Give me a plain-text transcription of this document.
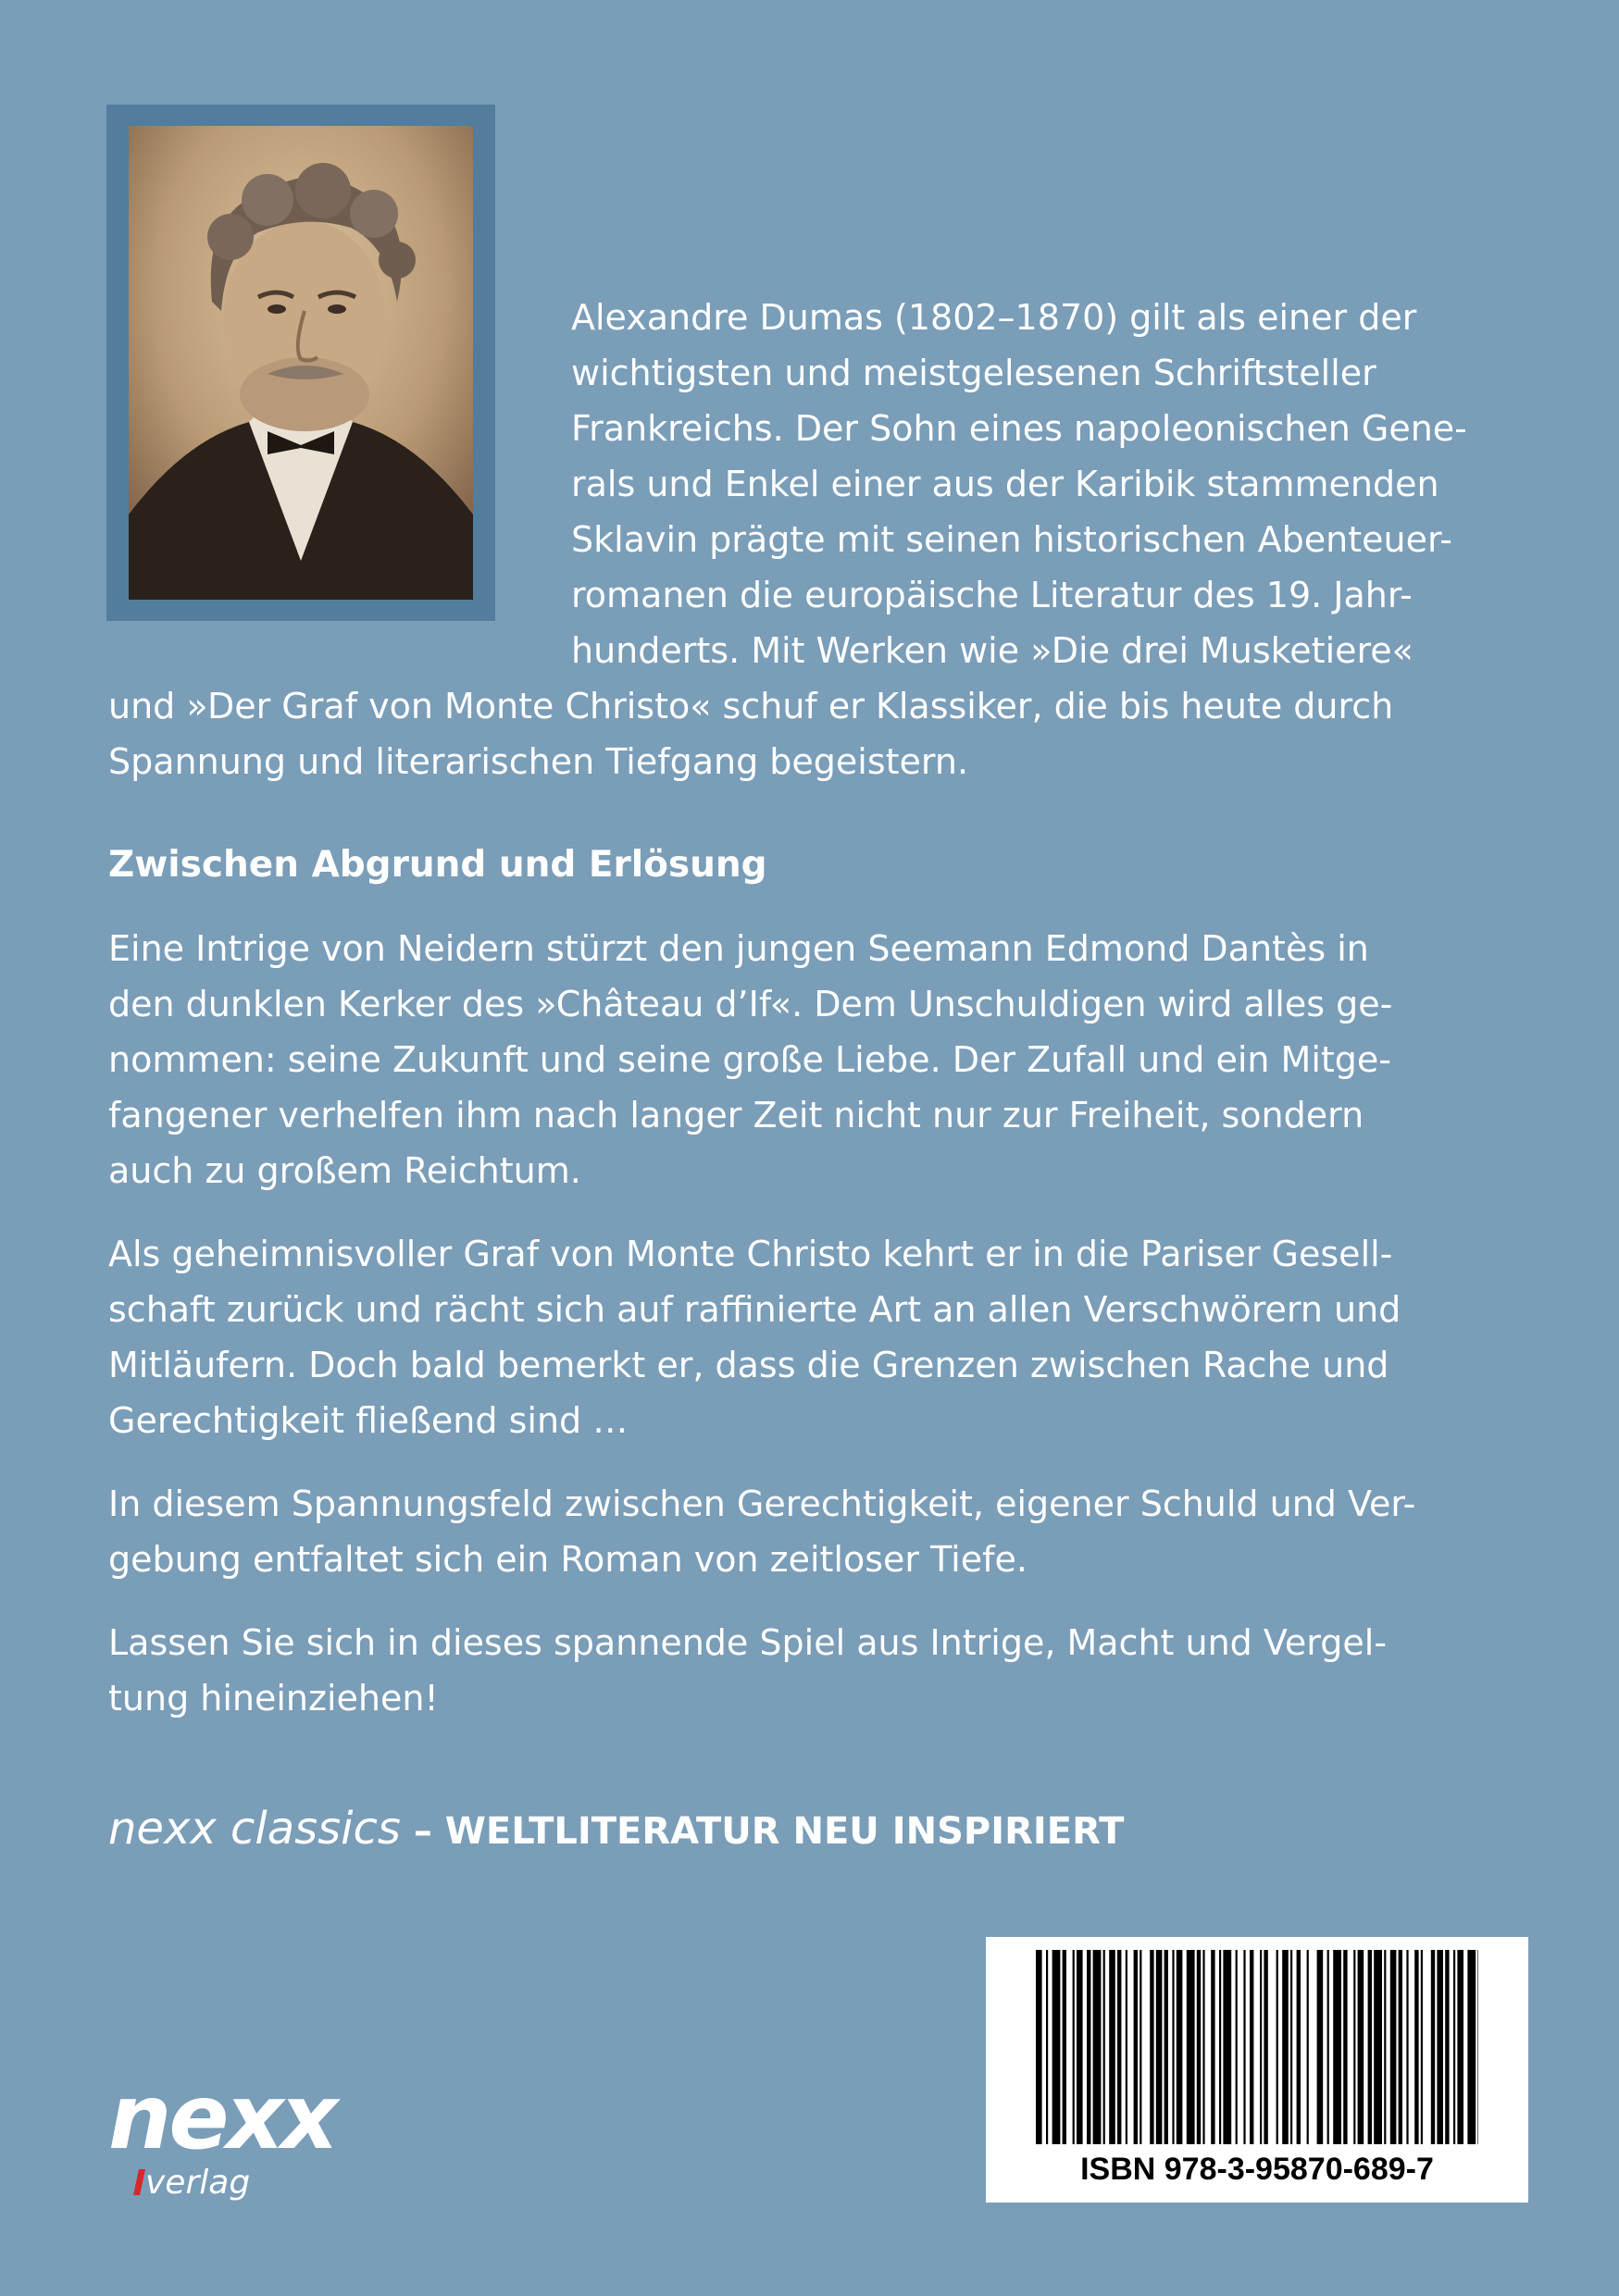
Alexandre Dumas (1802–1870) gilt als einer der
wichtigsten und meistgelesenen Schriftsteller
Frankreichs. Der Sohn eines napoleonischen Gene-
rals und Enkel einer aus der Karibik stammenden
Sklavin prägte mit seinen historischen Abenteuer-
romanen die europäische Literatur des 19. Jahr-
hunderts. Mit Werken wie »Die drei Musketiere«
und »Der Graf von Monte Christo« schuf er Klassiker, die bis heute durch
Spannung und literarischen Tiefgang begeistern.
Zwischen Abgrund und Erlösung
Eine Intrige von Neidern stürzt den jungen Seemann Edmond Dantès in
den dunklen Kerker des »Château d’If«. Dem Unschuldigen wird alles ge-
nommen: seine Zukunft und seine große Liebe. Der Zufall und ein Mitge-
fangener verhelfen ihm nach langer Zeit nicht nur zur Freiheit, sondern
auch zu großem Reichtum.
Als geheimnisvoller Graf von Monte Christo kehrt er in die Pariser Gesell-
schaft zurück und rächt sich auf raffinierte Art an allen Verschwörern und
Mitläufern. Doch bald bemerkt er, dass die Grenzen zwischen Rache und
Gerechtigkeit fließend sind …
In diesem Spannungsfeld zwischen Gerechtigkeit, eigener Schuld und Ver-
gebung entfaltet sich ein Roman von zeitloser Tiefe.
Lassen Sie sich in dieses spannende Spiel aus Intrige, Macht und Vergel-
tung hineinziehen!
nexx classics – WELTLITERATUR NEU INSPIRIERT
nexx
verlag	ISBN 978-3-95870-689-7
